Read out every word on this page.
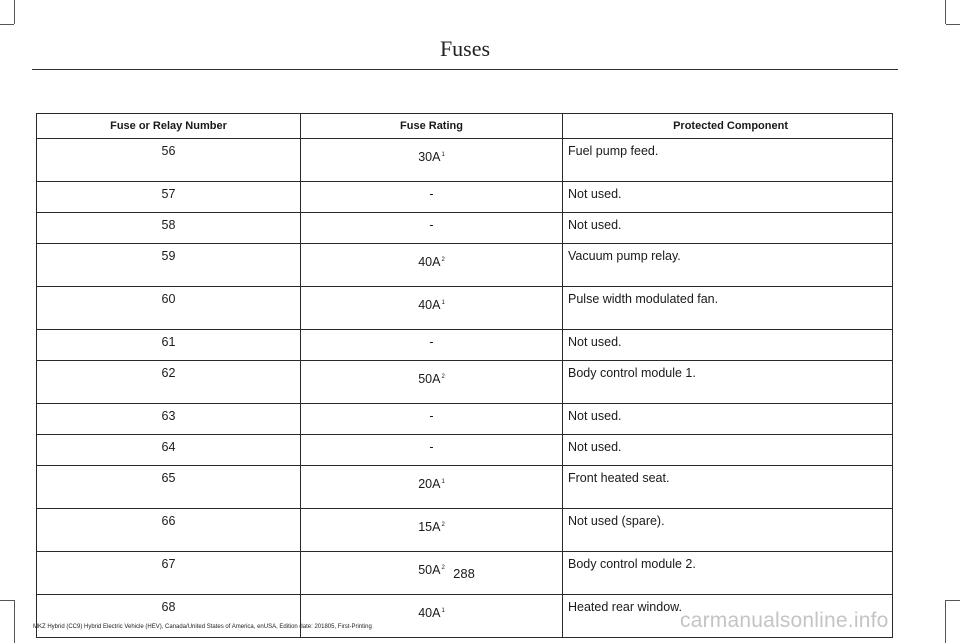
Fuses
Fuse or Relay Number	Fuse Rating	Protected Component
56	$30A^1$	Fuel pump feed.
57	-	Not used.
58	-	Not used.
59	$40A^2$	Vacuum pump relay.
60	$40A^1$	Pulse width modulated fan.
61	-	Not used.
62	$50A^2$	Body control module 1.
63	-	Not used.
64	-	Not used.
65	$20A^1$	Front heated seat.
66	$15A^2$	Not used (spare).
67	$50A^2$	Body control module 2.
68	$40A^1$	Heated rear window.
288
MKZ Hybrid (CC9) Hybrid Electric Vehicle (HEV), Canada/United States of America, enUSA, Edition date: 201805, First-Printing	carmanualsonline.info
